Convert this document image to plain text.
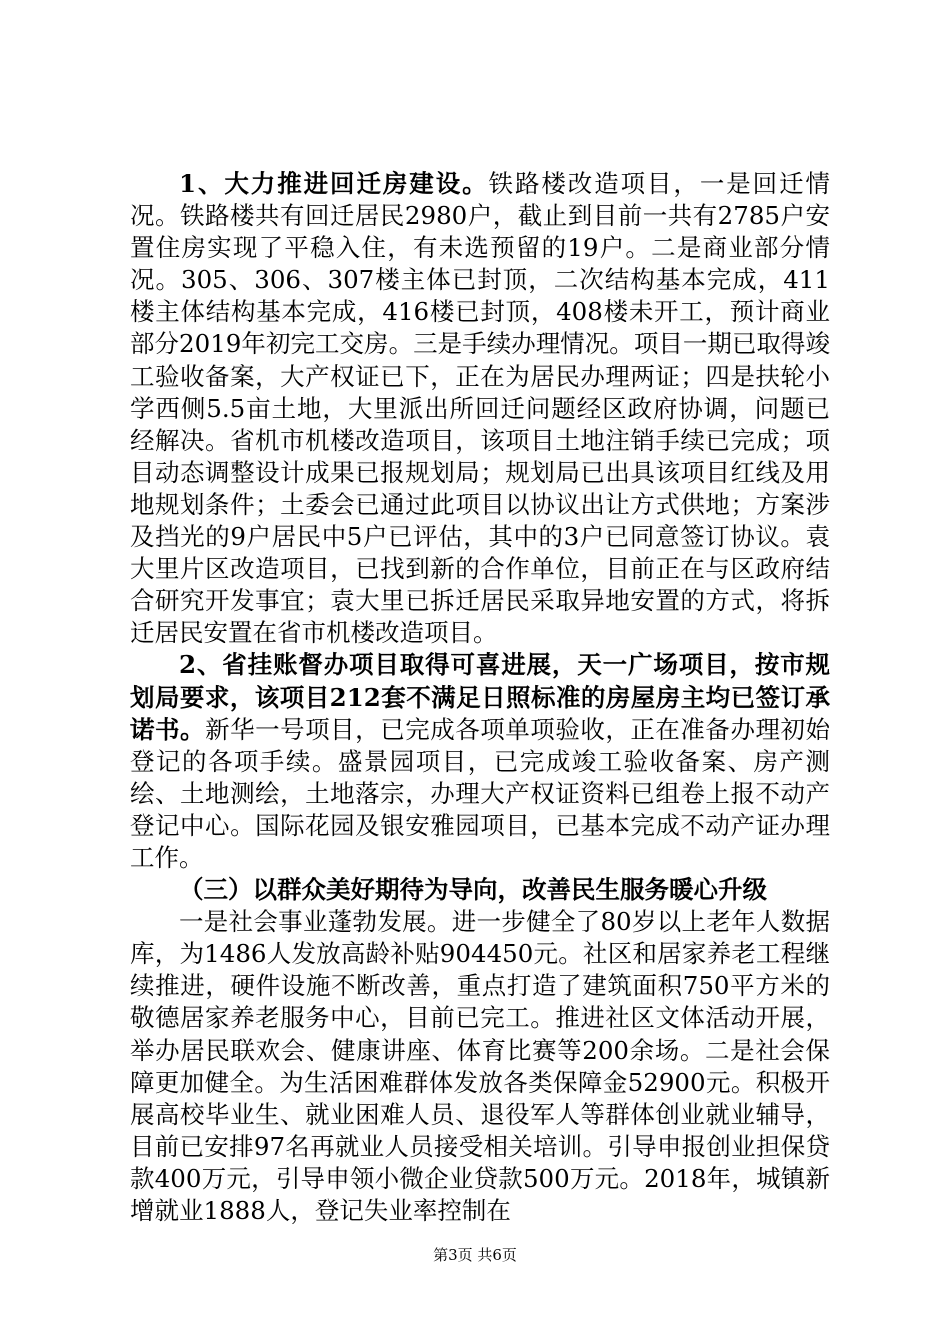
1、大力推进回迁房建设。铁路楼改造项目，一是回迁情况。铁路楼共有回迁居民2980户，截止到目前一共有2785户安置住房实现了平稳入住，有未选预留的19户。二是商业部分情况。305、306、307楼主体已封顶，二次结构基本完成，411楼主体结构基本完成，416楼已封顶，408楼未开工，预计商业部分2019年初完工交房。三是手续办理情况。项目一期已取得竣工验收备案，大产权证已下，正在为居民办理两证；四是扶轮小学西侧5.5亩土地，大里派出所回迁问题经区政府协调，问题已经解决。省机市机楼改造项目，该项目土地注销手续已完成；项目动态调整设计成果已报规划局；规划局已出具该项目红线及用地规划条件；土委会已通过此项目以协议出让方式供地；方案涉及挡光的9户居民中5户已评估，其中的3户已同意签订协议。袁大里片区改造项目，已找到新的合作单位，目前正在与区政府结合研究开发事宜；袁大里已拆迁居民采取异地安置的方式，将拆迁居民安置在省市机楼改造项目。

2、省挂账督办项目取得可喜进展，天一广场项目，按市规划局要求，该项目212套不满足日照标准的房屋房主均已签订承诺书。新华一号项目，已完成各项单项验收，正在准备办理初始登记的各项手续。盛景园项目，已完成竣工验收备案、房产测绘、土地测绘，土地落宗，办理大产权证资料已组卷上报不动产登记中心。国际花园及银安雅园项目，已基本完成不动产证办理工作。

（三）以群众美好期待为导向，改善民生服务暖心升级

一是社会事业蓬勃发展。进一步健全了80岁以上老年人数据库，为1486人发放高龄补贴904450元。社区和居家养老工程继续推进，硬件设施不断改善，重点打造了建筑面积750平方米的敬德居家养老服务中心，目前已完工。推进社区文体活动开展，举办居民联欢会、健康讲座、体育比赛等200余场。二是社会保障更加健全。为生活困难群体发放各类保障金52900元。积极开展高校毕业生、就业困难人员、退役军人等群体创业就业辅导，目前已安排97名再就业人员接受相关培训。引导申报创业担保贷款400万元，引导申领小微企业贷款500万元。2018年，城镇新增就业1888人，登记失业率控制在

第3页 共6页
